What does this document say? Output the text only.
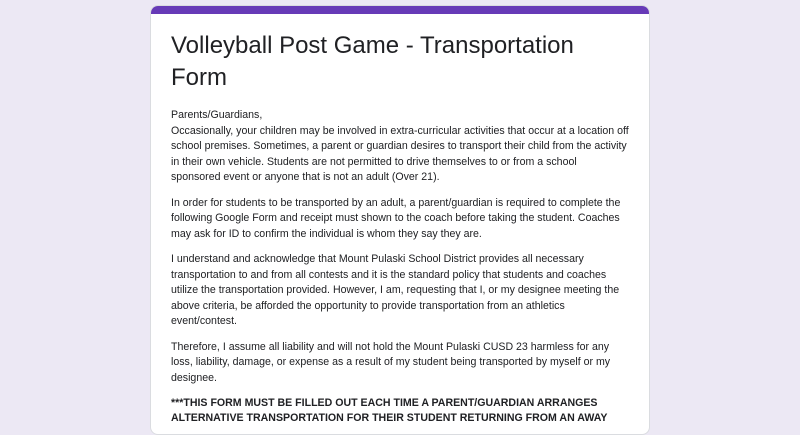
Volleyball Post Game - Transportation Form

Parents/Guardians,
Occasionally, your children may be involved in extra-curricular activities that occur at a location off school premises. Sometimes, a parent or guardian desires to transport their child from the activity in their own vehicle. Students are not permitted to drive themselves to or from a school sponsored event or anyone that is not an adult (Over 21).

In order for students to be transported by an adult, a parent/guardian is required to complete the following Google Form and receipt must shown to the coach before taking the student. Coaches may ask for ID to confirm the individual is whom they say they are.

I understand and acknowledge that Mount Pulaski School District provides all necessary transportation to and from all contests and it is the standard policy that students and coaches utilize the transportation provided. However, I am, requesting that I, or my designee meeting the above criteria, be afforded the opportunity to provide transportation from an athletics event/contest.

Therefore, I assume all liability and will not hold the Mount Pulaski CUSD 23 harmless for any loss, liability, damage, or expense as a result of my student being transported by myself or my designee.

***THIS FORM MUST BE FILLED OUT EACH TIME A PARENT/GUARDIAN ARRANGES ALTERNATIVE TRANSPORTATION FOR THEIR STUDENT RETURNING FROM AN AWAY
